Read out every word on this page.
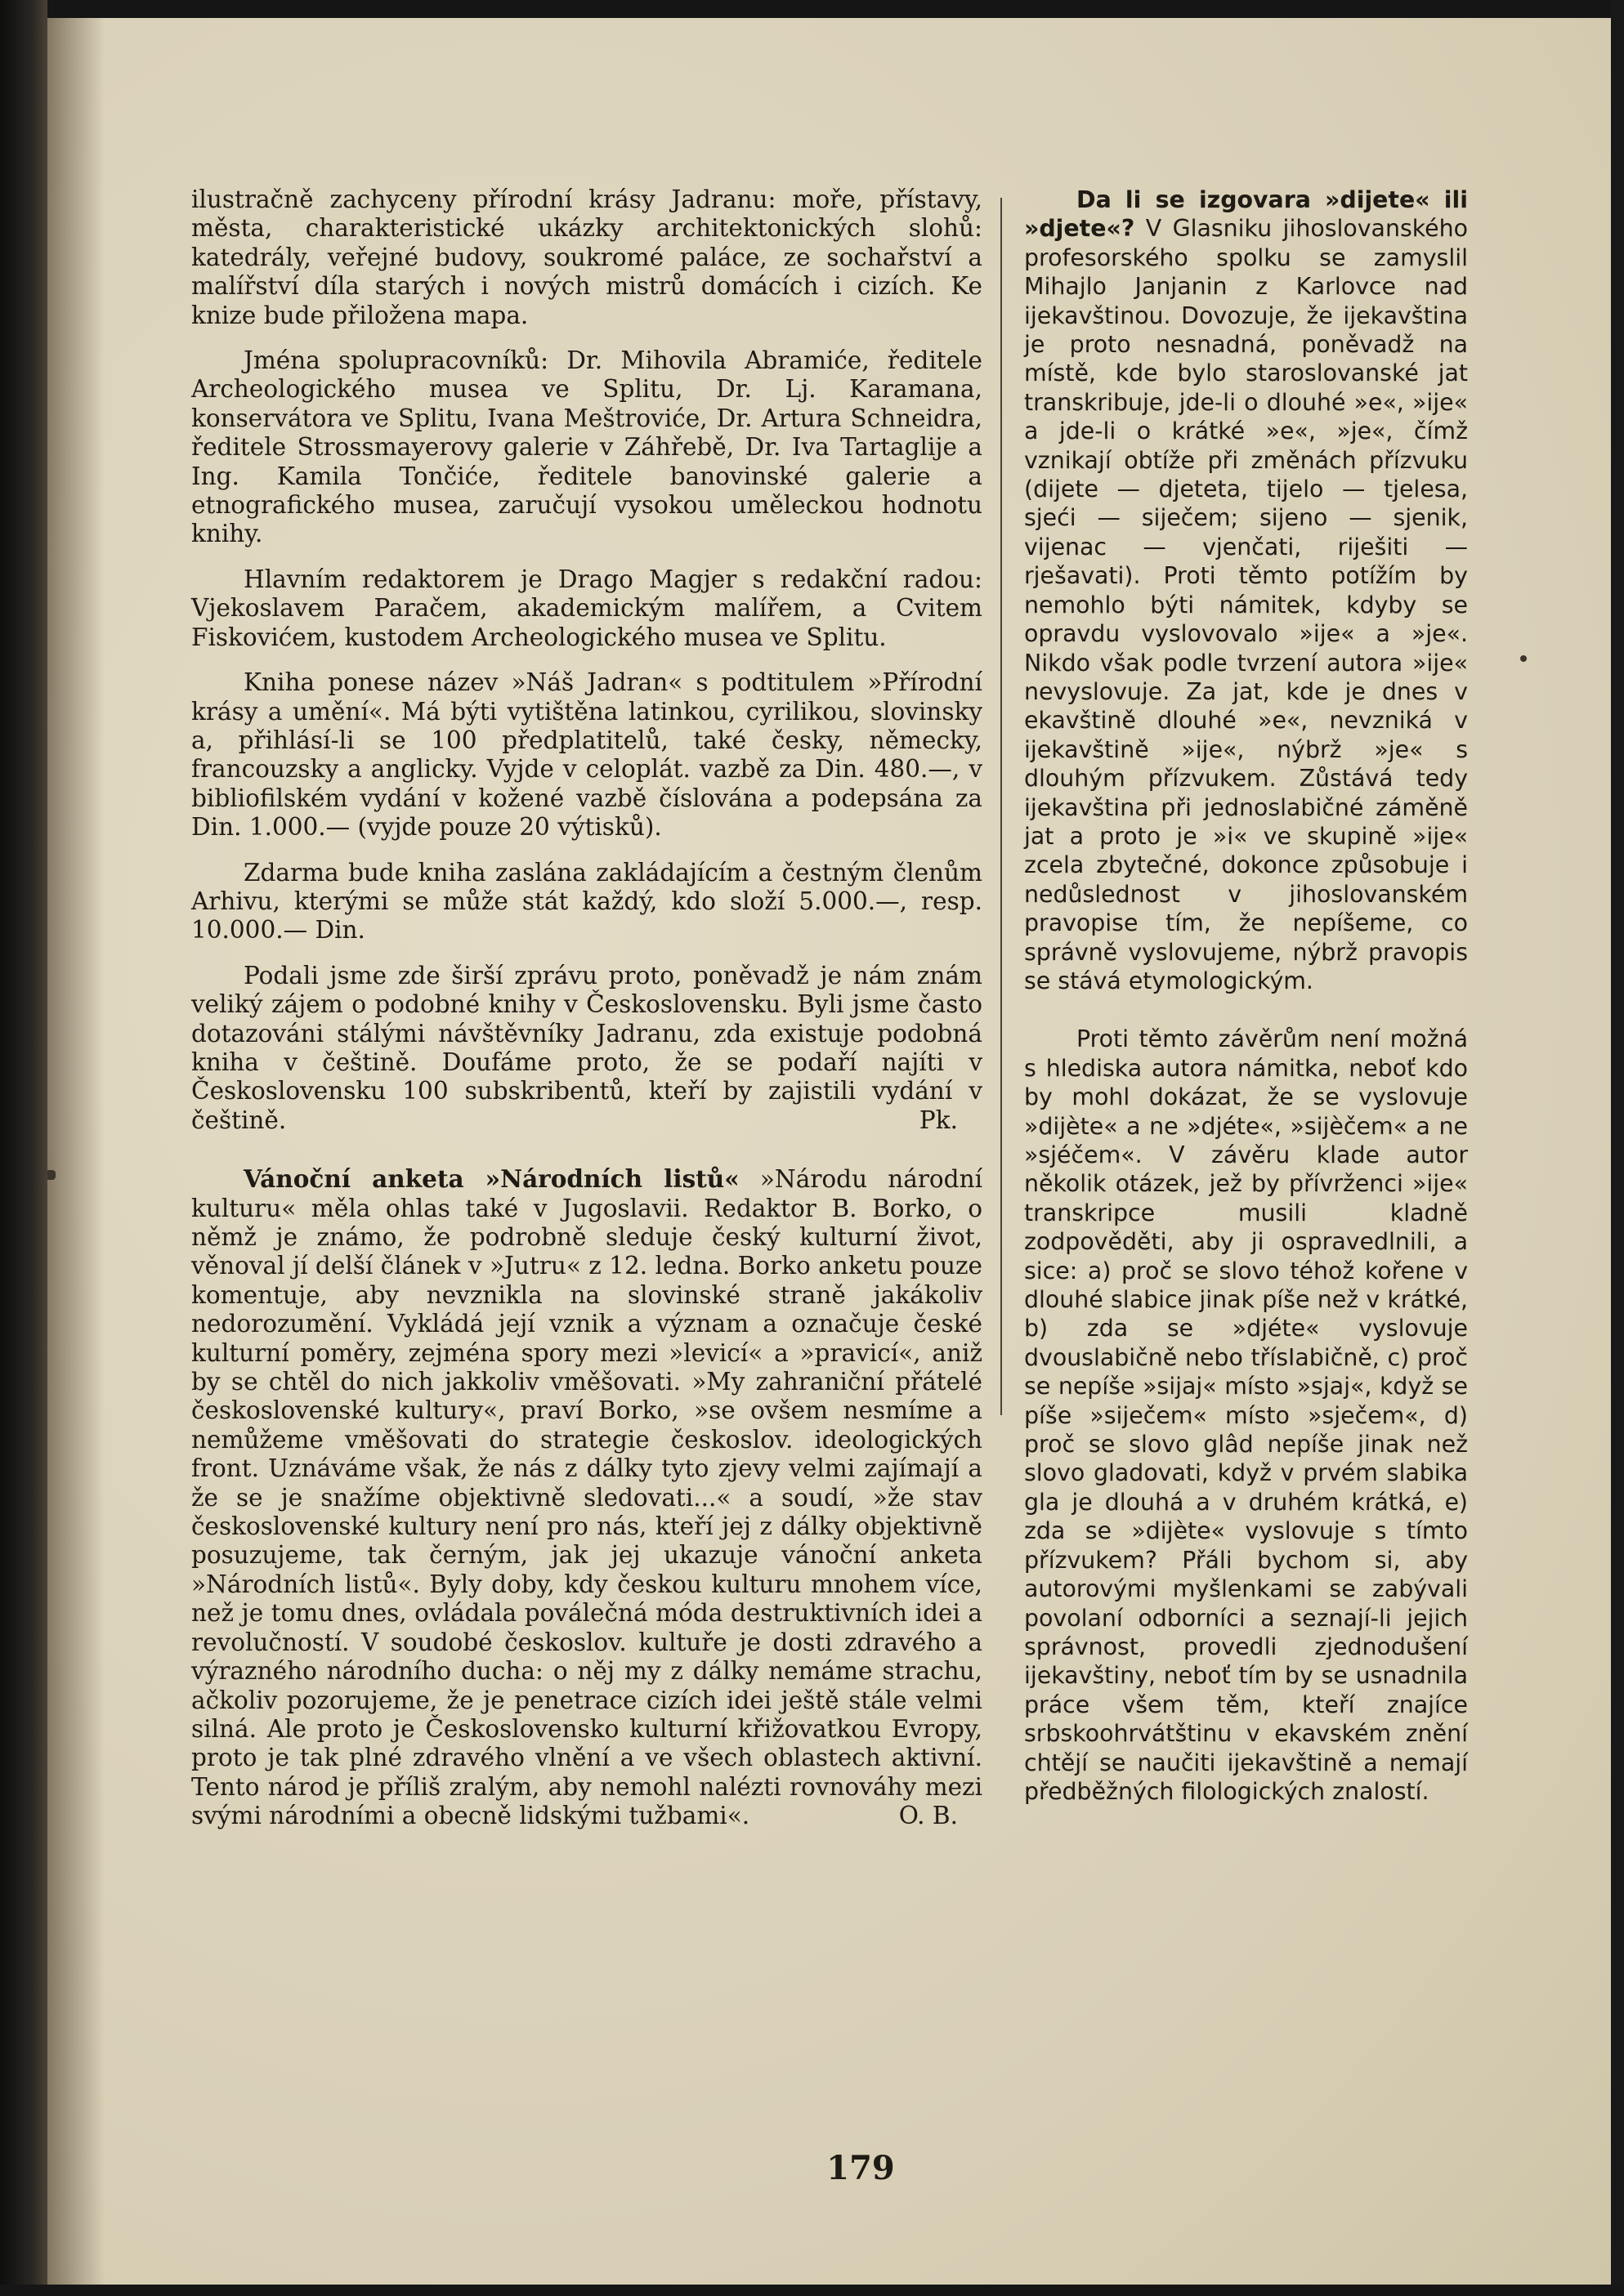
ilustračně zachyceny přírodní krásy Jadranu: moře, přístavy, města, charakteristické ukázky architektonických slohů: katedrály, veřejné budovy, soukromé paláce, ze sochařství a malířství díla starých i nových mistrů domácích i cizích. Ke knize bude přiložena mapa.

Jména spolupracovníků: Dr. Mihovila Abramiće, ředitele Archeologického musea ve Splitu, Dr. Lj. Karamana, konservátora ve Splitu, Ivana Meštroviće, Dr. Artura Schneidra, ředitele Strossmayerovy galerie v Záhřebě, Dr. Iva Tartaglije a Ing. Kamila Tončiće, ředitele banovinské galerie a etnografického musea, zaručují vysokou uměleckou hodnotu knihy.

Hlavním redaktorem je Drago Magjer s redakční radou: Vjekoslavem Paračem, akademickým malířem, a Cvitem Fiskovićem, kustodem Archeologického musea ve Splitu.

Kniha ponese název »Náš Jadran« s podtitulem »Přírodní krásy a umění«. Má býti vytištěna latinkou, cyrilikou, slovinsky a, přihlásí-li se 100 předplatitelů, také česky, německy, francouzsky a anglicky. Vyjde v celoplát. vazbě za Din. 480.—, v bibliofilském vydání v kožené vazbě číslována a podepsána za Din. 1.000.— (vyjde pouze 20 výtisků).

Zdarma bude kniha zaslána zakládajícím a čestným členům Arhivu, kterými se může stát každý, kdo složí 5.000.—, resp. 10.000.— Din.

Podali jsme zde širší zprávu proto, poněvadž je nám znám veliký zájem o podobné knihy v Československu. Byli jsme často dotazováni stálými návštěvníky Jadranu, zda existuje podobná kniha v češtině. Doufáme proto, že se podaří najíti v Československu 100 subskribentů, kteří by zajistili vydání v češtině.	Pk.

Vánoční anketa »Národních listů« »Národu národní kulturu« měla ohlas také v Jugoslavii. Redaktor B. Borko, o němž je známo, že podrobně sleduje český kulturní život, věnoval jí delší článek v »Jutru« z 12. ledna. Borko anketu pouze komentuje, aby nevznikla na slovinské straně jakákoliv nedorozumění. Vykládá její vznik a význam a označuje české kulturní poměry, zejména spory mezi »levicí« a »pravicí«, aniž by se chtěl do nich jakkoliv vměšovati. »My zahraniční přátelé československé kultury«, praví Borko, »se ovšem nesmíme a nemůžeme vměšovati do strategie českoslov. ideologických front. Uznáváme však, že nás z dálky tyto zjevy velmi zajímají a že se je snažíme objektivně sledovati...« a soudí, »že stav československé kultury není pro nás, kteří jej z dálky objektivně posuzujeme, tak černým, jak jej ukazuje vánoční anketa »Národních listů«. Byly doby, kdy českou kulturu mnohem více, než je tomu dnes, ovládala poválečná móda destruktivních idei a revolučností. V soudobé českoslov. kultuře je dosti zdravého a výrazného národního ducha: o něj my z dálky nemáme strachu, ačkoliv pozorujeme, že je penetrace cizích idei ještě stále velmi silná. Ale proto je Československo kulturní křižovatkou Evropy, proto je tak plné zdravého vlnění a ve všech oblastech aktivní. Tento národ je příliš zralým, aby nemohl nalézti rovnováhy mezi svými národními a obecně lidskými tužbami«.	O. B.

Da li se izgovara »dijete« ili »djete«? V Glasniku jihoslovanského profesorského spolku se zamyslil Mihajlo Janjanin z Karlovce nad ijekavštinou. Dovozuje, že ijekavština je proto nesnadná, poněvadž na místě, kde bylo staroslovanské jat transkribuje, jde-li o dlouhé »e«, »ije« a jde-li o krátké »e«, »je«, čímž vznikají obtíže při změnách přízvuku (dijete — djeteta, tijelo — tjelesa, sjeći — siječem; sijeno — sjenik, vijenac — vjenčati, riješiti — rješavati). Proti těmto potížím by nemohlo býti námitek, kdyby se opravdu vyslovovalo »ije« a »je«. Nikdo však podle tvrzení autora »ije« nevyslovuje. Za jat, kde je dnes v ekavštině dlouhé »e«, nevzniká v ijekavštině »ije«, nýbrž »je« s dlouhým přízvukem. Zůstává tedy ijekavština při jednoslabičné záměně jat a proto je »i« ve skupině »ije« zcela zbytečné, dokonce způsobuje i nedůslednost v jihoslovanském pravopise tím, že nepíšeme, co správně vyslovujeme, nýbrž pravopis se stává etymologickým.

Proti těmto závěrům není možná s hlediska autora námitka, neboť kdo by mohl dokázat, že se vyslovuje »dijète« a ne »djéte«, »sijèčem« a ne »sjéčem«. V závěru klade autor několik otázek, jež by přívrženci »ije« transkripce musili kladně zodpověděti, aby ji ospravedlnili, a sice: a) proč se slovo téhož kořene v dlouhé slabice jinak píše než v krátké, b) zda se »djéte« vyslovuje dvouslabičně nebo třísIabičně, c) proč se nepíše »sijaj« místo »sjaj«, když se píše »siječem« místo »sječem«, d) proč se slovo glâd nepíše jinak než slovo gladovati, když v prvém slabika gla je dlouhá a v druhém krátká, e) zda se »dijète« vyslovuje s tímto přízvukem? Přáli bychom si, aby autorovými myšlenkami se zabývali povolaní odborníci a seznají-li jejich správnost, provedli zjednodušení ijekavštiny, neboť tím by se usnadnila práce všem těm, kteří znajíce srbskoohrvátštinu v ekavském znění chtějí se naučiti ijekavštině a nemají předběžných filologických znalostí.

179
